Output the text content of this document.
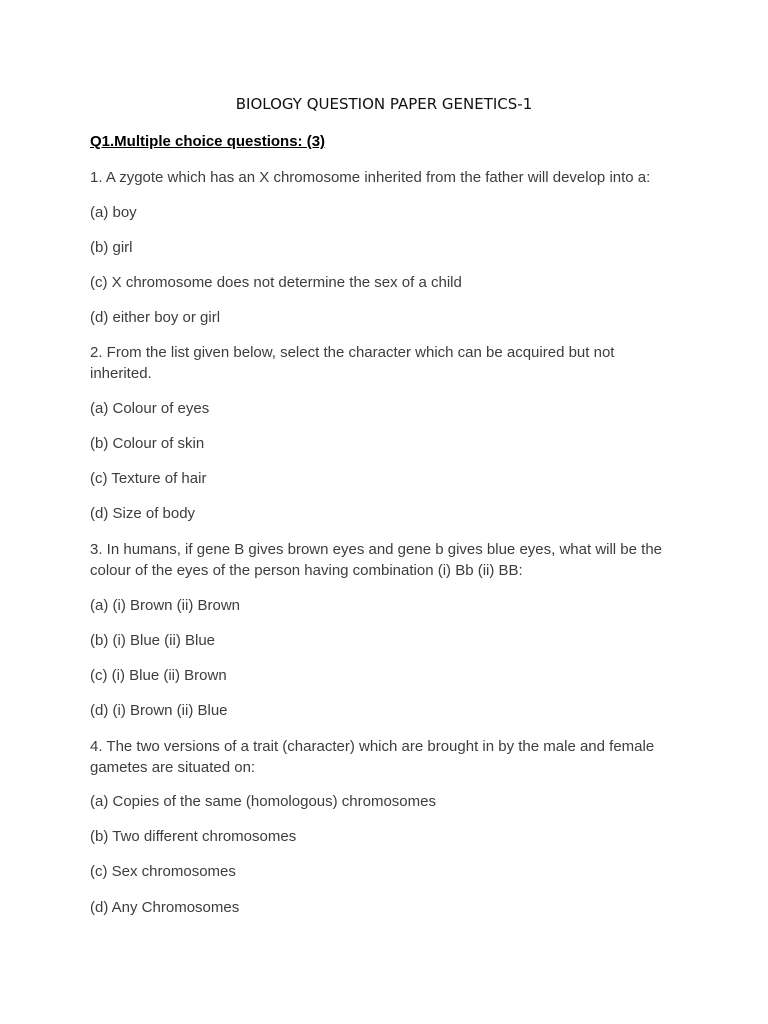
BIOLOGY QUESTION PAPER GENETICS-1
Q1.Multiple choice questions: (3)
1. A zygote which has an X chromosome inherited from the father will develop into a:
(a) boy
(b) girl
(c) X chromosome does not determine the sex of a child
(d) either boy or girl
2. From the list given below, select the character which can be acquired but not inherited.
(a) Colour of eyes
(b) Colour of skin
(c) Texture of hair
(d) Size of body
3. In humans, if gene B gives brown eyes and gene b gives blue eyes, what will be the colour of the eyes of the person having combination (i) Bb (ii) BB:
(a) (i) Brown (ii) Brown
(b) (i) Blue (ii) Blue
(c) (i) Blue (ii) Brown
(d) (i) Brown (ii) Blue
4. The two versions of a trait (character) which are brought in by the male and female gametes are situated on:
(a) Copies of the same (homologous) chromosomes
(b) Two different chromosomes
(c) Sex chromosomes
(d) Any Chromosomes
